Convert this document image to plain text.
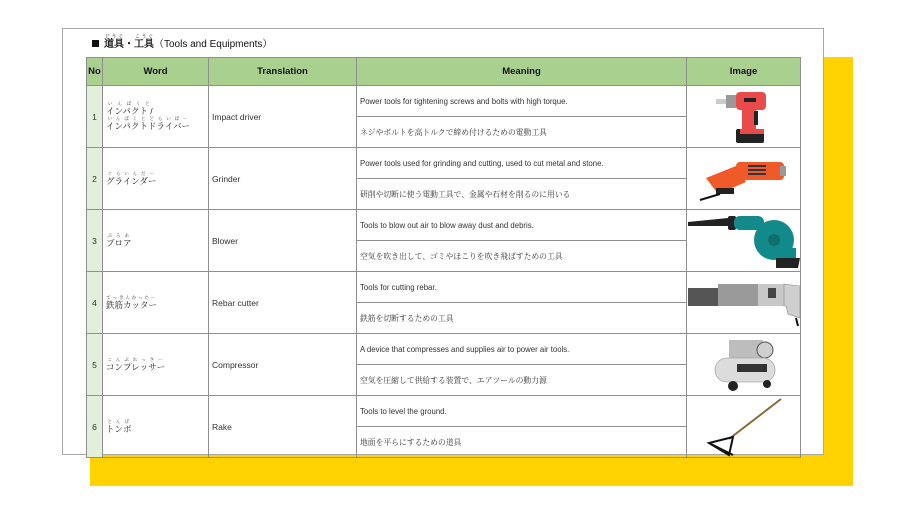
道具どうぐ・工具こうぐ（Tools and Equipments）
No	Word	Translation	Meaning	Image
1	インパクト /いんぱくと
インパクトドライバーいんぱくとどらいばー	Impact driver	Power tools for tightening screws and bolts with high torque.	

			ネジやボルトを高トルクで締め付けるための電動工具	
2	グラインダーぐらいんだー	Grinder	Power tools used for grinding and cutting, used to cut metal and stone.	

			研削や切断に使う電動工具で、金属や石材を削るのに用いる	
3	ブロアぶろあ	Blower	Tools to blow out air to blow away dust and debris.	

			空気を吹き出して、ゴミやほこりを吹き飛ばすための工具	
4	鉄筋カッターてっきんかったー	Rebar cutter	Tools for cutting rebar.	

			鉄筋を切断するための工具	
5	コンプレッサーこんぷれっさー	Compressor	A device that compresses and supplies air to power air tools.	

			空気を圧縮して供給する装置で、エアツールの動力源	
6	トンボとんぼ	Rake	Tools to level the ground.	

			地面を平らにするための道具	
